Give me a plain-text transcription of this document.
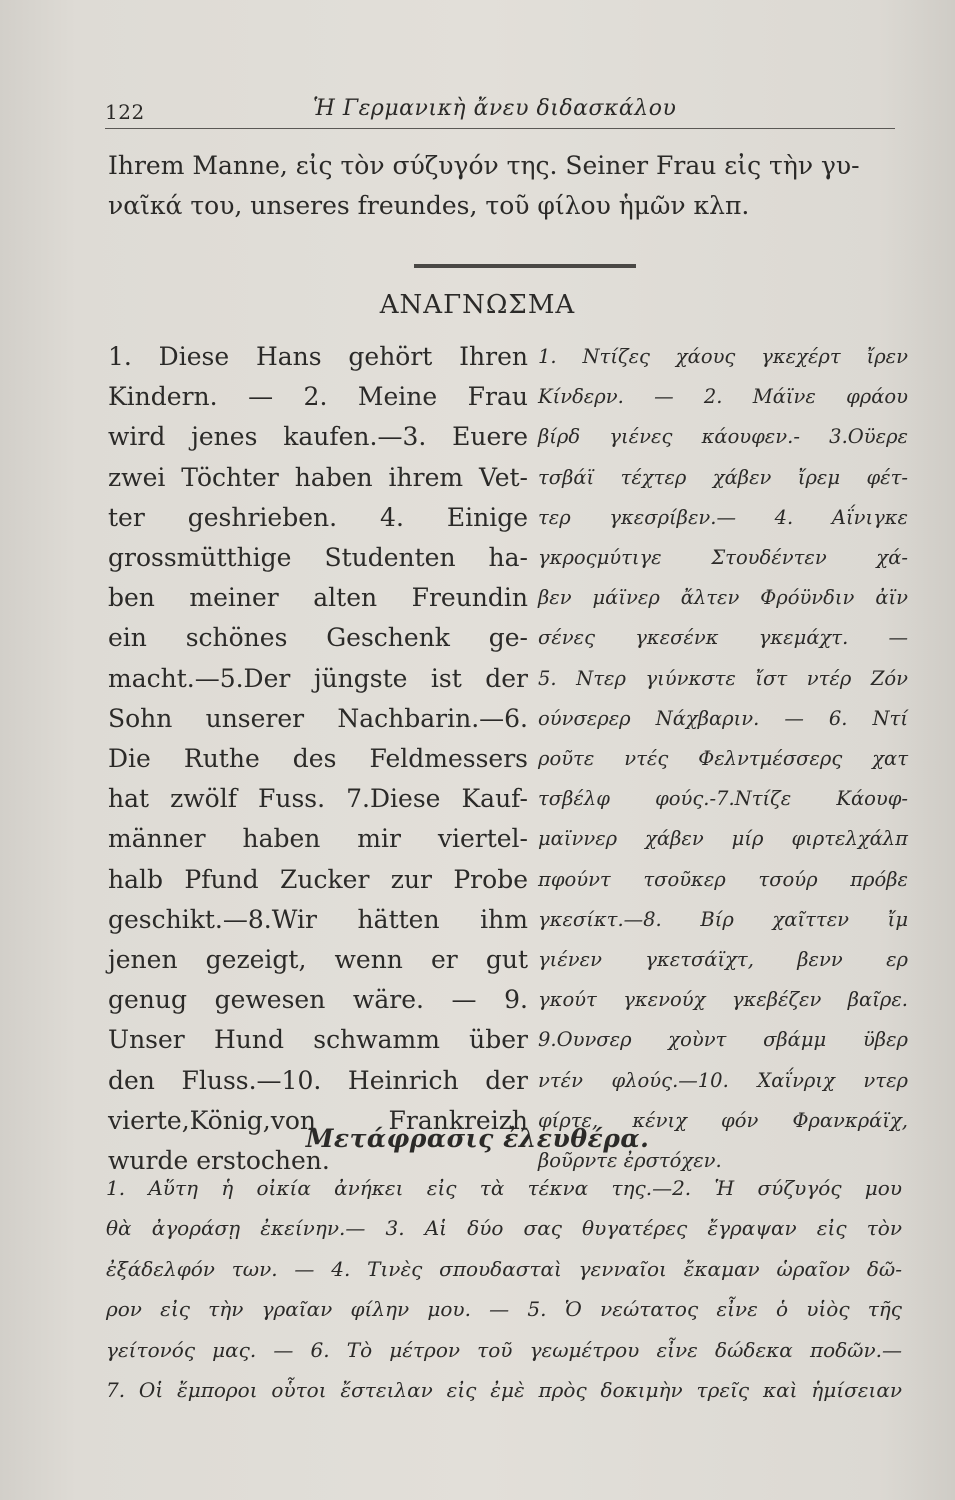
122	Ἡ Γερμανικὴ ἄνευ διδασκάλου
Ihrem Manne, εἰς τὸν σύζυγόν της. Seiner Frau εἰς τὴν γυ-
ναῖκά του, unseres freundes, τοῦ φίλου ἡμῶν κλπ.
ΑΝΑΓΝΩΣΜΑ
1. Diese Hans gehört Ihren
Kindern. — 2. Meine Frau
wird jenes kaufen.—3. Euere
zwei Töchter haben ihrem Vet-
ter geshrieben. 4. Einige
grossmütthige Studenten ha-
ben meiner alten Freundin
ein schönes Geschenk ge-
macht.—5.Der jüngste ist der
Sohn unserer Nachbarin.—6.
Die Ruthe des Feldmessers
hat zwölf Fuss. 7.Diese Kauf-
männer haben mir viertel-
halb Pfund Zucker zur Probe
geschikt.—8.Wir hätten ihm
jenen gezeigt, wenn er gut
genug gewesen wäre. — 9.
Unser Hund schwamm über
den Fluss.—10. Heinrich der
vierte,König,von Frankreizh
wurde erstochen.
1. Ντίζες χάους γκεχέρτ ἴρεν
Κίνδερν. — 2. Μάϊνε φράου
βίρδ γιένες κάουφεν.- 3.Οϋερε
τσβάϊ τέχτερ χάβεν ἴρεμ φέτ-
τερ γκεσρίβεν.— 4. Αΐνιγκε
γκροςμύτιγε Στουδέντεν χά-
βεν μάϊνερ ἄλτεν Φρόϋνδιν ἀϊν
σένες γκεσένκ γκεμάχτ. —
5. Ντερ γιύνκστε ἴστ ντέρ Ζόν
ούνσερερ Νάχβαριν. — 6. Ντί
ροῦτε ντές Φελντμέσσερς χατ
τσβέλφ φούς.-7.Ντίζε Κάουφ-
μαϊννερ χάβεν μίρ φιρτελχάλπ
πφούντ τσοῦκερ τσούρ πρόβε
γκεσίκτ.—8. Βίρ χαῖττεν ἴμ
γιένεν γκετσάϊχτ, βενν ερ
γκούτ γκενούχ γκεβέζεν βαῖρε.
9.Ουνσερ χοὺντ σβάμμ ϋβερ
ντέν φλούς.—10. Χαΐνριχ ντερ
φίρτε, κένιχ φόν Φρανκράϊχ,
βοῦρντε ἐρστόχεν.
Μετάφρασις ἐλευθέρα.
1. Αὕτη ἡ οἰκία ἀνήκει εἰς τὰ τέκνα της.—2. Ἡ σύζυγός μου
θὰ ἀγοράσῃ ἐκείνην.— 3. Αἱ δύο σας θυγατέρες ἔγραψαν εἰς τὸν
ἐξάδελφόν των. — 4. Τινὲς σπουδασταὶ γενναῖοι ἔκαμαν ὡραῖον δῶ-
ρον εἰς τὴν γραῖαν φίλην μου. — 5. Ὁ νεώτατος εἶνε ὁ υἱὸς τῆς
γείτονός μας. — 6. Τὸ μέτρον τοῦ γεωμέτρου εἶνε δώδεκα ποδῶν.—
7. Οἱ ἔμποροι οὗτοι ἔστειλαν εἰς ἐμὲ πρὸς δοκιμὴν τρεῖς καὶ ἡμίσειαν
